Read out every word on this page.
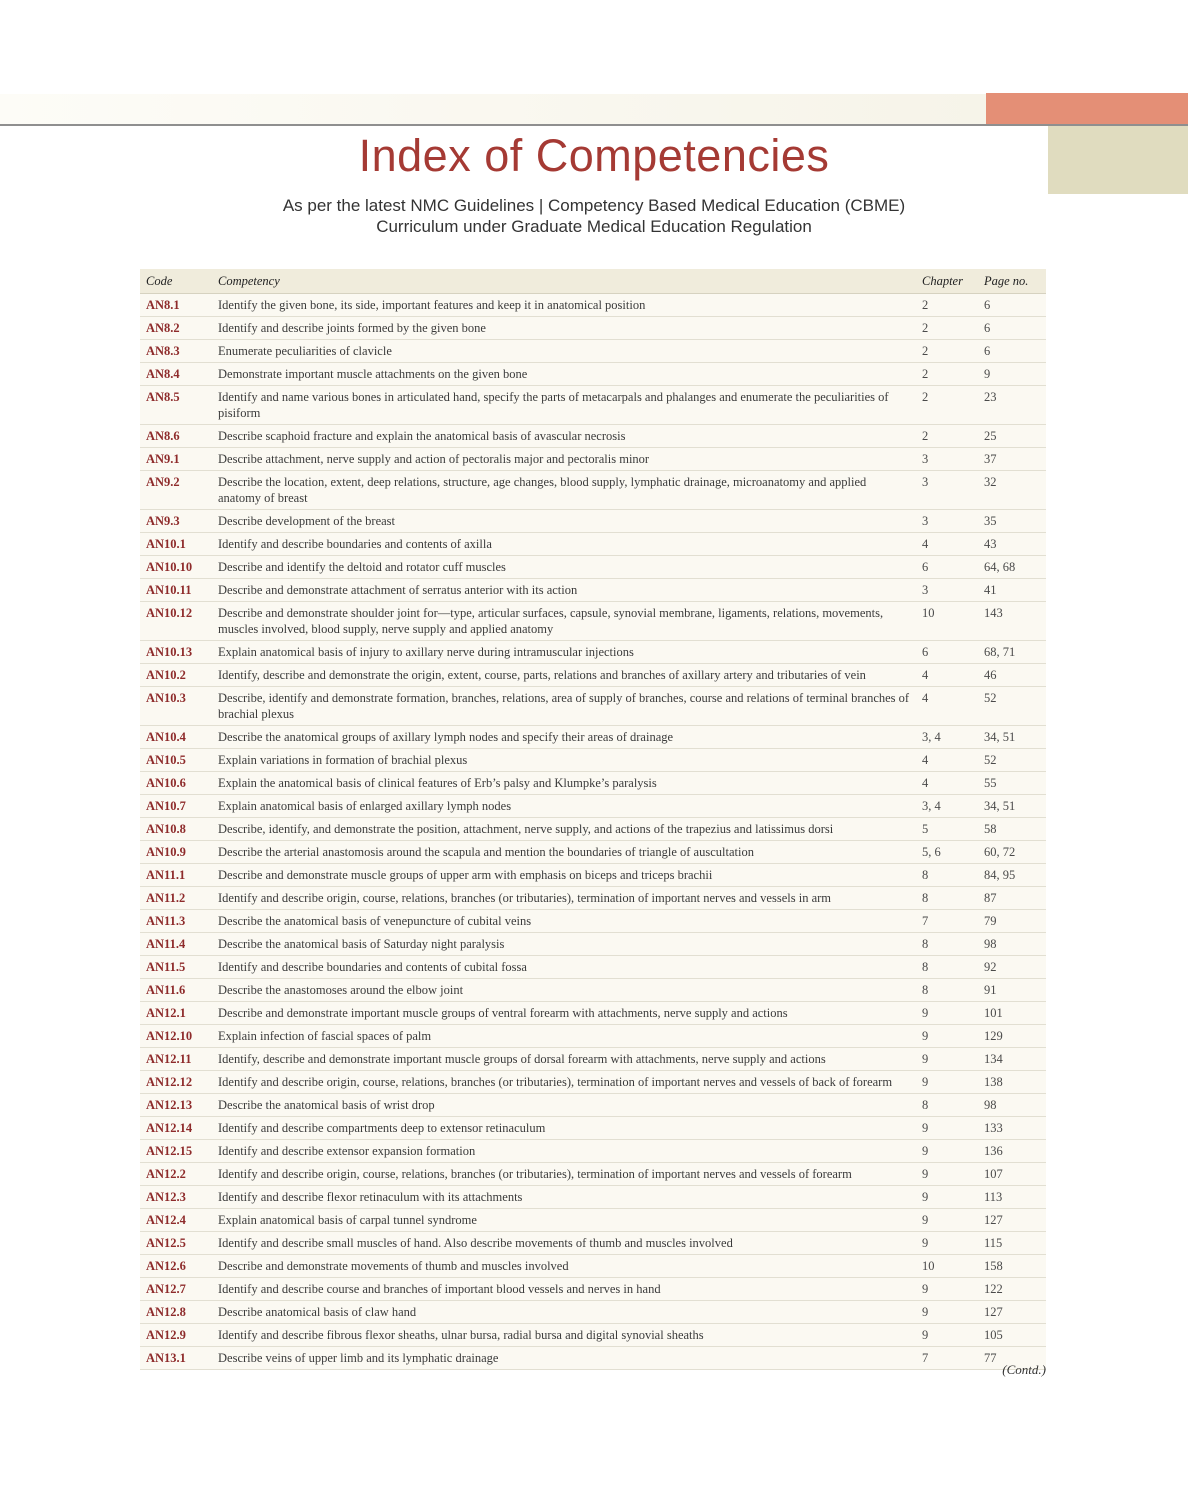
Index of Competencies
As per the latest NMC Guidelines | Competency Based Medical Education (CBME)
Curriculum under Graduate Medical Education Regulation
Code	Competency	Chapter	Page no.
AN8.1	Identify the given bone, its side, important features and keep it in anatomical position	2	6
AN8.2	Identify and describe joints formed by the given bone	2	6
AN8.3	Enumerate peculiarities of clavicle	2	6
AN8.4	Demonstrate important muscle attachments on the given bone	2	9
AN8.5	Identify and name various bones in articulated hand, specify the parts of metacarpals and phalanges and enumerate the peculiarities of pisiform	2	23
AN8.6	Describe scaphoid fracture and explain the anatomical basis of avascular necrosis	2	25
AN9.1	Describe attachment, nerve supply and action of pectoralis major and pectoralis minor	3	37
AN9.2	Describe the location, extent, deep relations, structure, age changes, blood supply, lymphatic drainage, microanatomy and applied anatomy of breast	3	32
AN9.3	Describe development of the breast	3	35
AN10.1	Identify and describe boundaries and contents of axilla	4	43
AN10.10	Describe and identify the deltoid and rotator cuff muscles	6	64, 68
AN10.11	Describe and demonstrate attachment of serratus anterior with its action	3	41
AN10.12	Describe and demonstrate shoulder joint for—type, articular surfaces, capsule, synovial membrane, ligaments, relations, movements, muscles involved, blood supply, nerve supply and applied anatomy	10	143
AN10.13	Explain anatomical basis of injury to axillary nerve during intramuscular injections	6	68, 71
AN10.2	Identify, describe and demonstrate the origin, extent, course, parts, relations and branches of axillary artery and tributaries of vein	4	46
AN10.3	Describe, identify and demonstrate formation, branches, relations, area of supply of branches, course and relations of terminal branches of brachial plexus	4	52
AN10.4	Describe the anatomical groups of axillary lymph nodes and specify their areas of drainage	3, 4	34, 51
AN10.5	Explain variations in formation of brachial plexus	4	52
AN10.6	Explain the anatomical basis of clinical features of Erb’s palsy and Klumpke’s paralysis	4	55
AN10.7	Explain anatomical basis of enlarged axillary lymph nodes	3, 4	34, 51
AN10.8	Describe, identify, and demonstrate the position, attachment, nerve supply, and actions of the trapezius and latissimus dorsi	5	58
AN10.9	Describe the arterial anastomosis around the scapula and mention the boundaries of triangle of auscultation	5, 6	60, 72
AN11.1	Describe and demonstrate muscle groups of upper arm with emphasis on biceps and triceps brachii	8	84, 95
AN11.2	Identify and describe origin, course, relations, branches (or tributaries), termination of important nerves and vessels in arm	8	87
AN11.3	Describe the anatomical basis of venepuncture of cubital veins	7	79
AN11.4	Describe the anatomical basis of Saturday night paralysis	8	98
AN11.5	Identify and describe boundaries and contents of cubital fossa	8	92
AN11.6	Describe the anastomoses around the elbow joint	8	91
AN12.1	Describe and demonstrate important muscle groups of ventral forearm with attachments, nerve supply and actions	9	101
AN12.10	Explain infection of fascial spaces of palm	9	129
AN12.11	Identify, describe and demonstrate important muscle groups of dorsal forearm with attachments, nerve supply and actions	9	134
AN12.12	Identify and describe origin, course, relations, branches (or tributaries), termination of important nerves and vessels of back of forearm	9	138
AN12.13	Describe the anatomical basis of wrist drop	8	98
AN12.14	Identify and describe compartments deep to extensor retinaculum	9	133
AN12.15	Identify and describe extensor expansion formation	9	136
AN12.2	Identify and describe origin, course, relations, branches (or tributaries), termination of important nerves and vessels of forearm	9	107
AN12.3	Identify and describe flexor retinaculum with its attachments	9	113
AN12.4	Explain anatomical basis of carpal tunnel syndrome	9	127
AN12.5	Identify and describe small muscles of hand. Also describe movements of thumb and muscles involved	9	115
AN12.6	Describe and demonstrate movements of thumb and muscles involved	10	158
AN12.7	Identify and describe course and branches of important blood vessels and nerves in hand	9	122
AN12.8	Describe anatomical basis of claw hand	9	127
AN12.9	Identify and describe fibrous flexor sheaths, ulnar bursa, radial bursa and digital synovial sheaths	9	105
AN13.1	Describe veins of upper limb and its lymphatic drainage	7	77
(Contd.)
